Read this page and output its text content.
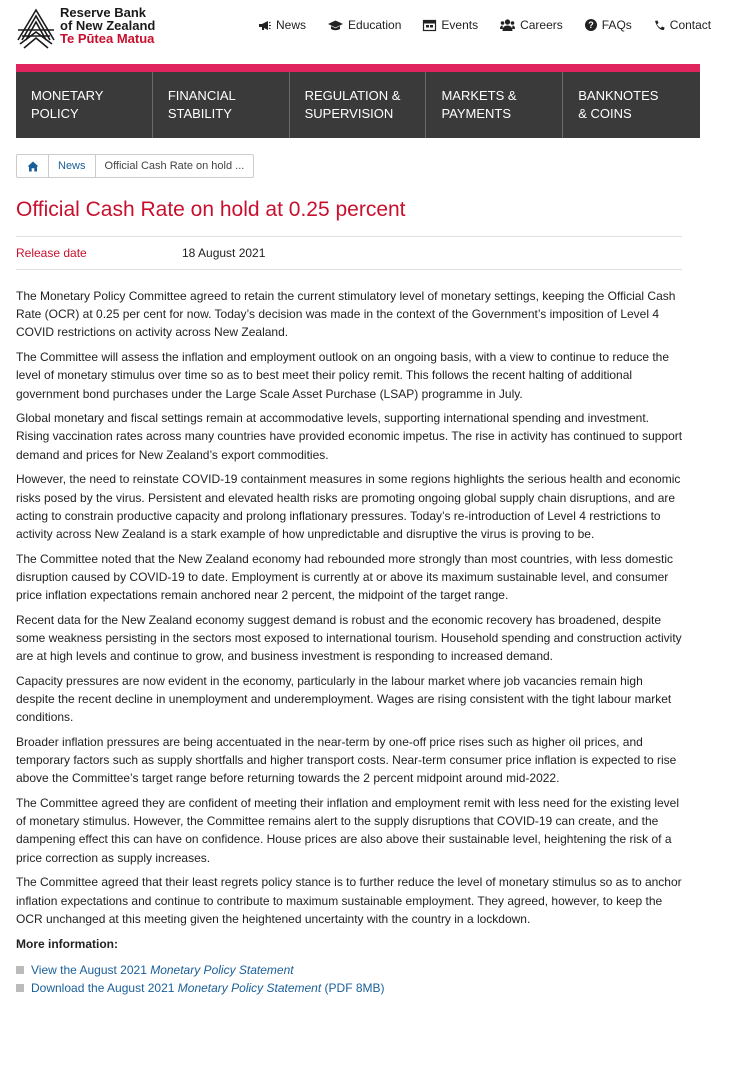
Reserve Bank
of New Zealand
Te Pūtea Matua
News	Education	Events	Careers	? FAQs	Contact
MONETARY
POLICY
FINANCIAL
STABILITY
REGULATION &
SUPERVISION
MARKETS &
PAYMENTS
BANKNOTES
& COINS
News	Official Cash Rate on hold ...
Official Cash Rate on hold at 0.25 percent
Release date	18 August 2021

The Monetary Policy Committee agreed to retain the current stimulatory level of monetary settings, keeping the Official Cash Rate (OCR) at 0.25 per cent for now. Today’s decision was made in the context of the Government’s imposition of Level 4 COVID restrictions on activity across New Zealand.

The Committee will assess the inflation and employment outlook on an ongoing basis, with a view to continue to reduce the level of monetary stimulus over time so as to best meet their policy remit. This follows the recent halting of additional government bond purchases under the Large Scale Asset Purchase (LSAP) programme in July.

Global monetary and fiscal settings remain at accommodative levels, supporting international spending and investment. Rising vaccination rates across many countries have provided economic impetus. The rise in activity has continued to support demand and prices for New Zealand’s export commodities.

However, the need to reinstate COVID-19 containment measures in some regions highlights the serious health and economic risks posed by the virus. Persistent and elevated health risks are promoting ongoing global supply chain disruptions, and are acting to constrain productive capacity and prolong inflationary pressures. Today’s re-introduction of Level 4 restrictions to activity across New Zealand is a stark example of how unpredictable and disruptive the virus is proving to be.

The Committee noted that the New Zealand economy had rebounded more strongly than most countries, with less domestic disruption caused by COVID-19 to date. Employment is currently at or above its maximum sustainable level, and consumer price inflation expectations remain anchored near 2 percent, the midpoint of the target range.

Recent data for the New Zealand economy suggest demand is robust and the economic recovery has broadened, despite some weakness persisting in the sectors most exposed to international tourism. Household spending and construction activity are at high levels and continue to grow, and business investment is responding to increased demand.

Capacity pressures are now evident in the economy, particularly in the labour market where job vacancies remain high despite the recent decline in unemployment and underemployment. Wages are rising consistent with the tight labour market conditions.

Broader inflation pressures are being accentuated in the near-term by one-off price rises such as higher oil prices, and temporary factors such as supply shortfalls and higher transport costs. Near-term consumer price inflation is expected to rise above the Committee’s target range before returning towards the 2 percent midpoint around mid-2022.

The Committee agreed they are confident of meeting their inflation and employment remit with less need for the existing level of monetary stimulus. However, the Committee remains alert to the supply disruptions that COVID-19 can create, and the dampening effect this can have on confidence. House prices are also above their sustainable level, heightening the risk of a price correction as supply increases.

The Committee agreed that their least regrets policy stance is to further reduce the level of monetary stimulus so as to anchor inflation expectations and continue to contribute to maximum sustainable employment. They agreed, however, to keep the OCR unchanged at this meeting given the heightened uncertainty with the country in a lockdown.

More information:
View the August 2021 Monetary Policy Statement
Download the August 2021 Monetary Policy Statement (PDF 8MB)
